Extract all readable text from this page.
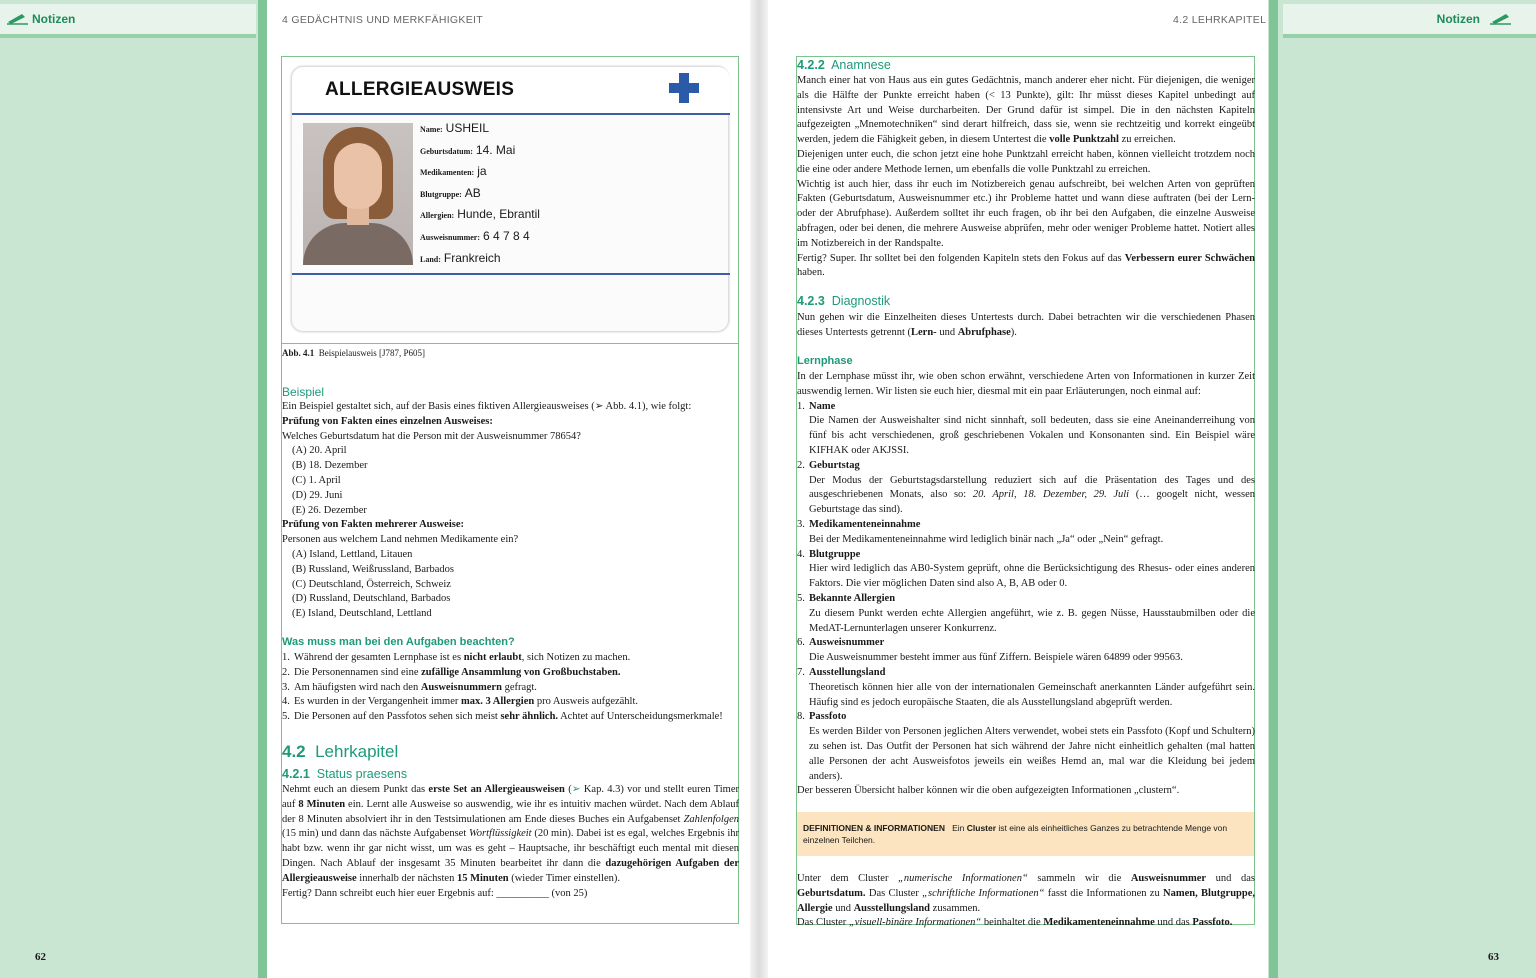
Notizen
62
Notizen
63
4 GEDÄCHTNIS UND MERKFÄHIGKEIT	4.2 LEHRKAPITEL
ALLERGIEAUSWEIS
Name: USHEIL
Geburtsdatum: 14. Mai
Medikamenten: ja
Blutgruppe: AB
Allergien: Hunde, Ebrantil
Ausweisnummer: 6 4 7 8 4
Land: Frankreich
Abb. 4.1 Beispielausweis [J787, P605]
Beispiel
Ein Beispiel gestaltet sich, auf der Basis eines fiktiven Allergieausweises (➢ Abb. 4.1), wie folgt:
Prüfung von Fakten eines einzelnen Ausweises:
Welches Geburtsdatum hat die Person mit der Ausweisnummer 78654?
(A) 20. April
(B) 18. Dezember
(C) 1. April
(D) 29. Juni
(E) 26. Dezember
Prüfung von Fakten mehrerer Ausweise:
Personen aus welchem Land nehmen Medikamente ein?
(A) Island, Lettland, Litauen
(B) Russland, Weißrussland, Barbados
(C) Deutschland, Österreich, Schweiz
(D) Russland, Deutschland, Barbados
(E) Island, Deutschland, Lettland
Was muss man bei den Aufgaben beachten?
1. Während der gesamten Lernphase ist es nicht erlaubt, sich Notizen zu machen.
2. Die Personennamen sind eine zufällige Ansammlung von Großbuchstaben.
3. Am häufigsten wird nach den Ausweisnummern gefragt.
4. Es wurden in der Vergangenheit immer max. 3 Allergien pro Ausweis aufgezählt.
5. Die Personen auf den Passfotos sehen sich meist sehr ähnlich. Achtet auf Unterscheidungsmerkmale!
4.2 Lehrkapitel
4.2.1 Status praesens
Nehmt euch an diesem Punkt das erste Set an Allergieausweisen (➢ Kap. 4.3) vor und stellt euren Timer auf 8 Minuten ein. Lernt alle Ausweise so auswendig, wie ihr es intuitiv machen würdet. Nach dem Ablauf der 8 Minuten absolviert ihr in den Testsimulationen am Ende dieses Buches ein Aufgabenset Zahlenfolgen (15 min) und dann das nächste Aufgabenset Wortflüssigkeit (20 min). Dabei ist es egal, welches Ergebnis ihr habt bzw. wenn ihr gar nicht wisst, um was es geht – Hauptsache, ihr beschäftigt euch mental mit diesen Dingen. Nach Ablauf der insgesamt 35 Minuten bearbeitet ihr dann die dazugehörigen Aufgaben der Allergieausweise innerhalb der nächsten 15 Minuten (wieder Timer einstellen).
Fertig? Dann schreibt euch hier euer Ergebnis auf: __________ (von 25)
4.2.2 Anamnese
Manch einer hat von Haus aus ein gutes Gedächtnis, manch anderer eher nicht. Für diejenigen, die weniger als die Hälfte der Punkte erreicht haben (< 13 Punkte), gilt: Ihr müsst dieses Kapitel unbedingt auf intensivste Art und Weise durcharbeiten. Der Grund dafür ist simpel. Die in den nächsten Kapiteln aufgezeigten „Mnemotechniken“ sind derart hilfreich, dass sie, wenn sie rechtzeitig und korrekt eingeübt werden, jedem die Fähigkeit geben, in diesem Untertest die volle Punktzahl zu erreichen.
Diejenigen unter euch, die schon jetzt eine hohe Punktzahl erreicht haben, können vielleicht trotzdem noch die eine oder andere Methode lernen, um ebenfalls die volle Punktzahl zu erreichen.
Wichtig ist auch hier, dass ihr euch im Notizbereich genau aufschreibt, bei welchen Arten von geprüften Fakten (Geburtsdatum, Ausweisnummer etc.) ihr Probleme hattet und wann diese auftraten (bei der Lern- oder der Abrufphase). Außerdem solltet ihr euch fragen, ob ihr bei den Aufgaben, die einzelne Ausweise abfragen, oder bei denen, die mehrere Ausweise abprüfen, mehr oder weniger Probleme hattet. Notiert alles im Notizbereich in der Randspalte.
Fertig? Super. Ihr solltet bei den folgenden Kapiteln stets den Fokus auf das Verbessern eurer Schwächen haben.
4.2.3 Diagnostik
Nun gehen wir die Einzelheiten dieses Untertests durch. Dabei betrachten wir die verschiedenen Phasen dieses Untertests getrennt (Lern- und Abrufphase).
Lernphase
In der Lernphase müsst ihr, wie oben schon erwähnt, verschiedene Arten von Informationen in kurzer Zeit auswendig lernen. Wir listen sie euch hier, diesmal mit ein paar Erläuterungen, noch einmal auf:
1. Name
Die Namen der Ausweishalter sind nicht sinnhaft, soll bedeuten, dass sie eine Aneinanderreihung von fünf bis acht verschiedenen, groß geschriebenen Vokalen und Konsonanten sind. Ein Beispiel wäre KIFHAK oder AKJSSI.
2. Geburtstag
Der Modus der Geburtstagsdarstellung reduziert sich auf die Präsentation des Tages und des ausgeschriebenen Monats, also so: 20. April, 18. Dezember, 29. Juli (… googelt nicht, wessen Geburtstage das sind).
3. Medikamenteneinnahme
Bei der Medikamenteneinnahme wird lediglich binär nach „Ja“ oder „Nein“ gefragt.
4. Blutgruppe
Hier wird lediglich das AB0-System geprüft, ohne die Berücksichtigung des Rhesus- oder eines anderen Faktors. Die vier möglichen Daten sind also A, B, AB oder 0.
5. Bekannte Allergien
Zu diesem Punkt werden echte Allergien angeführt, wie z. B. gegen Nüsse, Hausstaubmilben oder die MedAT-Lernunterlagen unserer Konkurrenz.
6. Ausweisnummer
Die Ausweisnummer besteht immer aus fünf Ziffern. Beispiele wären 64899 oder 99563.
7. Ausstellungsland
Theoretisch können hier alle von der internationalen Gemeinschaft anerkannten Länder aufgeführt sein. Häufig sind es jedoch europäische Staaten, die als Ausstellungsland abgeprüft werden.
8. Passfoto
Es werden Bilder von Personen jeglichen Alters verwendet, wobei stets ein Passfoto (Kopf und Schultern) zu sehen ist. Das Outfit der Personen hat sich während der Jahre nicht einheitlich gehalten (mal hatten alle Personen der acht Ausweisfotos jeweils ein weißes Hemd an, mal war die Kleidung bei jedem anders).
Der besseren Übersicht halber können wir die oben aufgezeigten Informationen „clustern“.
DEFINITIONEN & INFORMATIONEN Ein Cluster ist eine als einheitliches Ganzes zu betrachtende Menge von einzelnen Teilchen.
Unter dem Cluster „numerische Informationen“ sammeln wir die Ausweisnummer und das Geburtsdatum. Das Cluster „schriftliche Informationen“ fasst die Informationen zu Namen, Blutgruppe, Allergie und Ausstellungsland zusammen.
Das Cluster „visuell-binäre Informationen“ beinhaltet die Medikamenteneinnahme und das Passfoto.
